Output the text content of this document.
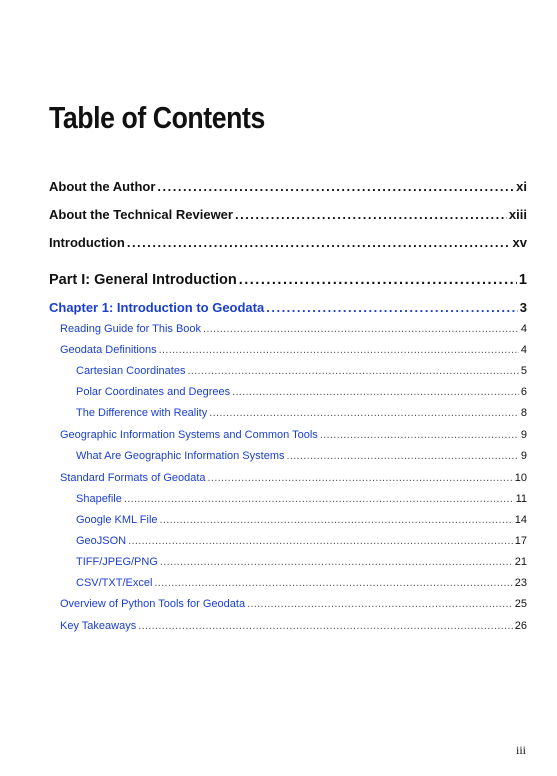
Table of Contents
About the Author .....	xi
About the Technical Reviewer .....	xiii
Introduction .....	xv
Part I: General Introduction .....	1
Chapter 1: Introduction to Geodata .....	3
Reading Guide for This Book .....	4
Geodata Definitions .....	4
Cartesian Coordinates .....	5
Polar Coordinates and Degrees .....	6
The Difference with Reality .....	8
Geographic Information Systems and Common Tools .....	9
What Are Geographic Information Systems .....	9
Standard Formats of Geodata .....	10
Shapefile .....	11
Google KML File .....	14
GeoJSON .....	17
TIFF/JPEG/PNG .....	21
CSV/TXT/Excel .....	23
Overview of Python Tools for Geodata .....	25
Key Takeaways .....	26
iii
